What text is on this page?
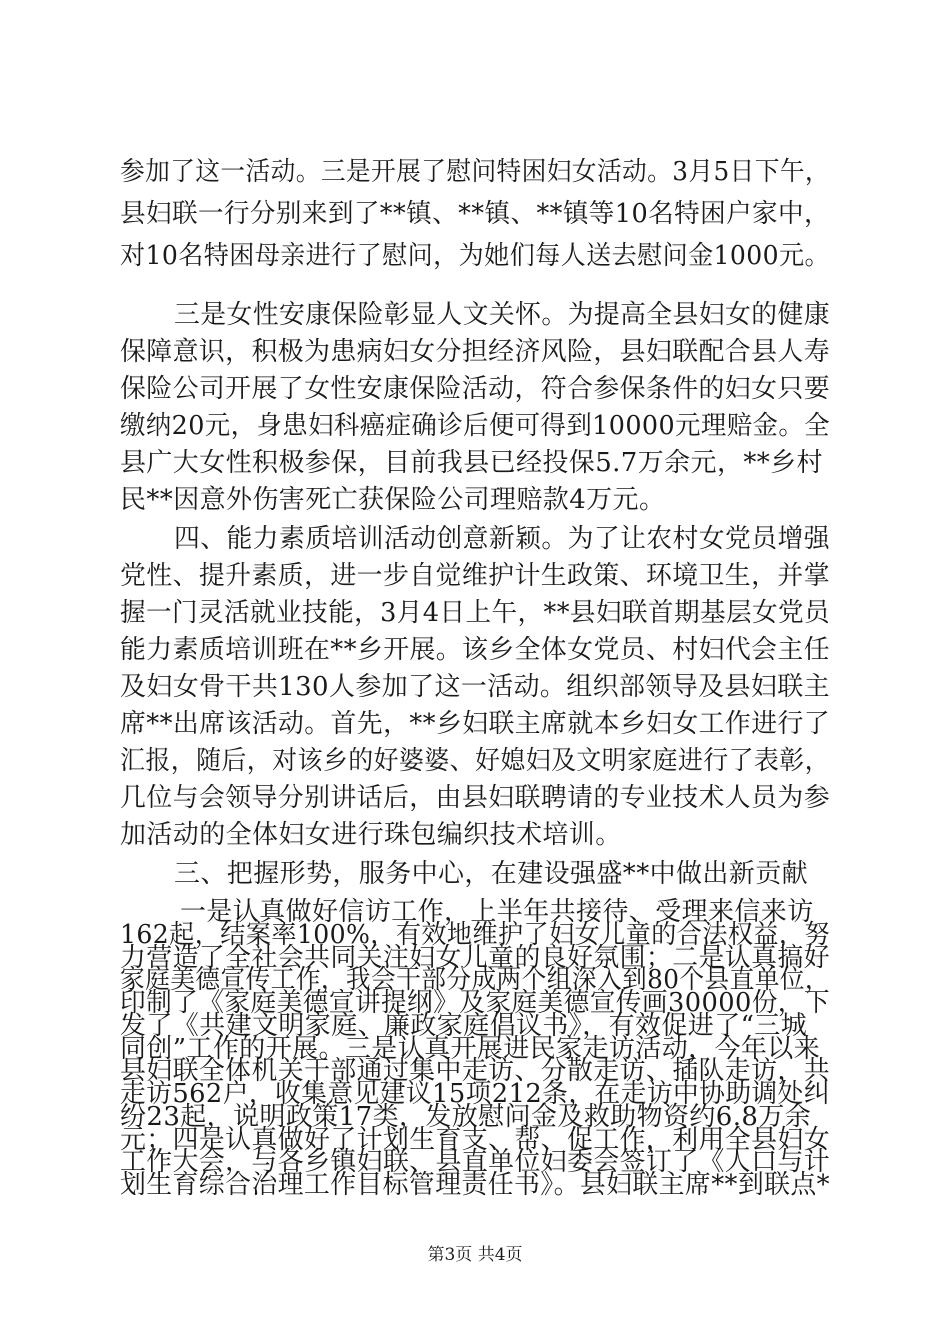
参加了这一活动。三是开展了慰问特困妇女活动。3月5日下午，
县妇联一行分别来到了**镇、**镇、**镇等10名特困户家中，
对10名特困母亲进行了慰问，为她们每人送去慰问金1000元。
三是女性安康保险彰显人文关怀。为提高全县妇女的健康
保障意识，积极为患病妇女分担经济风险，县妇联配合县人寿
保险公司开展了女性安康保险活动，符合参保条件的妇女只要
缴纳20元，身患妇科癌症确诊后便可得到10000元理赔金。全
县广大女性积极参保，目前我县已经投保5.7万余元，**乡村
民**因意外伤害死亡获保险公司理赔款4万元。
四、能力素质培训活动创意新颖。为了让农村女党员增强
党性、提升素质，进一步自觉维护计生政策、环境卫生，并掌
握一门灵活就业技能，3月4日上午，**县妇联首期基层女党员
能力素质培训班在**乡开展。该乡全体女党员、村妇代会主任
及妇女骨干共130人参加了这一活动。组织部领导及县妇联主
席**出席该活动。首先，**乡妇联主席就本乡妇女工作进行了
汇报，随后，对该乡的好婆婆、好媳妇及文明家庭进行了表彰，
几位与会领导分别讲话后，由县妇联聘请的专业技术人员为参
加活动的全体妇女进行珠包编织技术培训。
三、把握形势，服务中心，在建设强盛**中做出新贡献
一是认真做好信访工作，上半年共接待、受理来信来访
162起，结案率100%，有效地维护了妇女儿童的合法权益，努
力营造了全社会共同关注妇女儿童的良好氛围；二是认真搞好
家庭美德宣传工作，我会干部分成两个组深入到80个县直单位，
印制了《家庭美德宣讲提纲》及家庭美德宣传画30000份，下
发了《共建文明家庭、廉政家庭倡议书》，有效促进了“三城
同创”工作的开展。三是认真开展进民家走访活动，今年以来
县妇联全体机关干部通过集中走访、分散走访、插队走访，共
走访562户，收集意见建议15项212条，在走访中协助调处纠
纷23起，说明政策17类，发放慰问金及救助物资约6.8万余
元；四是认真做好了计划生育支、帮、促工作，利用全县妇女
工作大会，与各乡镇妇联、县直单位妇委会签订了《人口与计
划生育综合治理工作目标管理责任书》。县妇联主席**到联点*
第3页 共4页
